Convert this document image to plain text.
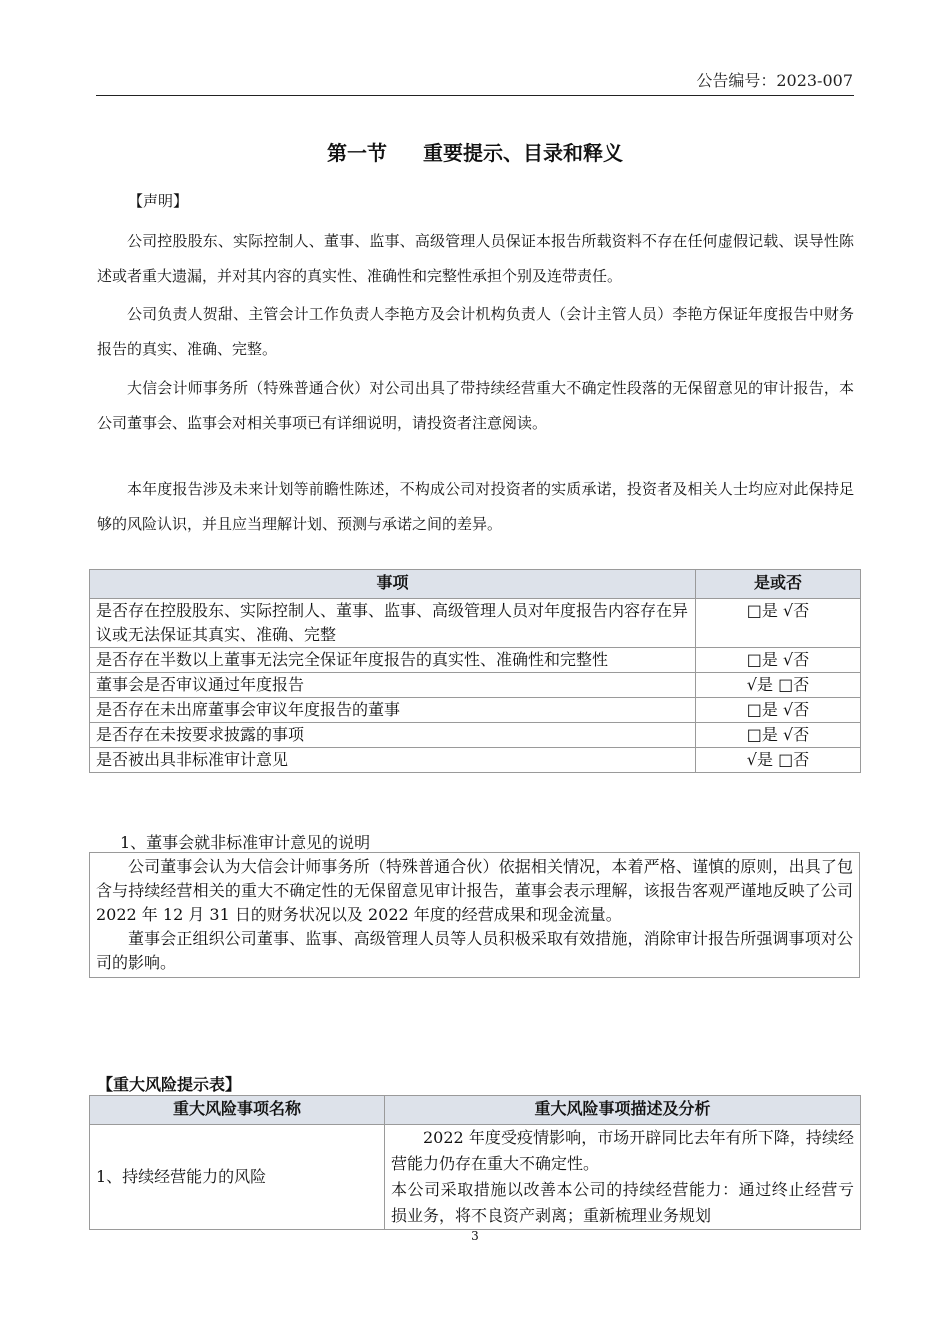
公告编号：2023-007
第一节 重要提示、目录和释义
【声明】

公司控股股东、实际控制人、董事、监事、高级管理人员保证本报告所载资料不存在任何虚假记载、误导性陈述或者重大遗漏，并对其内容的真实性、准确性和完整性承担个别及连带责任。

公司负责人贺甜、主管会计工作负责人李艳方及会计机构负责人（会计主管人员）李艳方保证年度报告中财务报告的真实、准确、完整。

大信会计师事务所（特殊普通合伙）对公司出具了带持续经营重大不确定性段落的无保留意见的审计报告，本公司董事会、监事会对相关事项已有详细说明，请投资者注意阅读。

本年度报告涉及未来计划等前瞻性陈述，不构成公司对投资者的实质承诺，投资者及相关人士均应对此保持足够的风险认识，并且应当理解计划、预测与承诺之间的差异。

事项	是或否
是否存在控股股东、实际控制人、董事、监事、高级管理人员对年度报告内容存在异议或无法保证其真实、准确、完整	□是 √否
是否存在半数以上董事无法完全保证年度报告的真实性、准确性和完整性	□是 √否
董事会是否审议通过年度报告	√是 □否
是否存在未出席董事会审议年度报告的董事	□是 √否
是否存在未按要求披露的事项	□是 √否
是否被出具非标准审计意见	√是 □否
1、董事会就非标准审计意见的说明

公司董事会认为大信会计师事务所（特殊普通合伙）依据相关情况，本着严格、谨慎的原则，出具了包含与持续经营相关的重大不确定性的无保留意见审计报告，董事会表示理解，该报告客观严谨地反映了公司 2022 年 12 月 31 日的财务状况以及 2022 年度的经营成果和现金流量。

董事会正组织公司董事、监事、高级管理人员等人员积极采取有效措施，消除审计报告所强调事项对公司的影响。

【重大风险提示表】
重大风险事项名称	重大风险事项描述及分析
1、持续经营能力的风险	2022 年度受疫情影响，市场开辟同比去年有所下降，持续经营能力仍存在重大不确定性。

本公司采取措施以改善本公司的持续经营能力：通过终止经营亏损业务，将不良资产剥离；重新梳理业务规划

3
